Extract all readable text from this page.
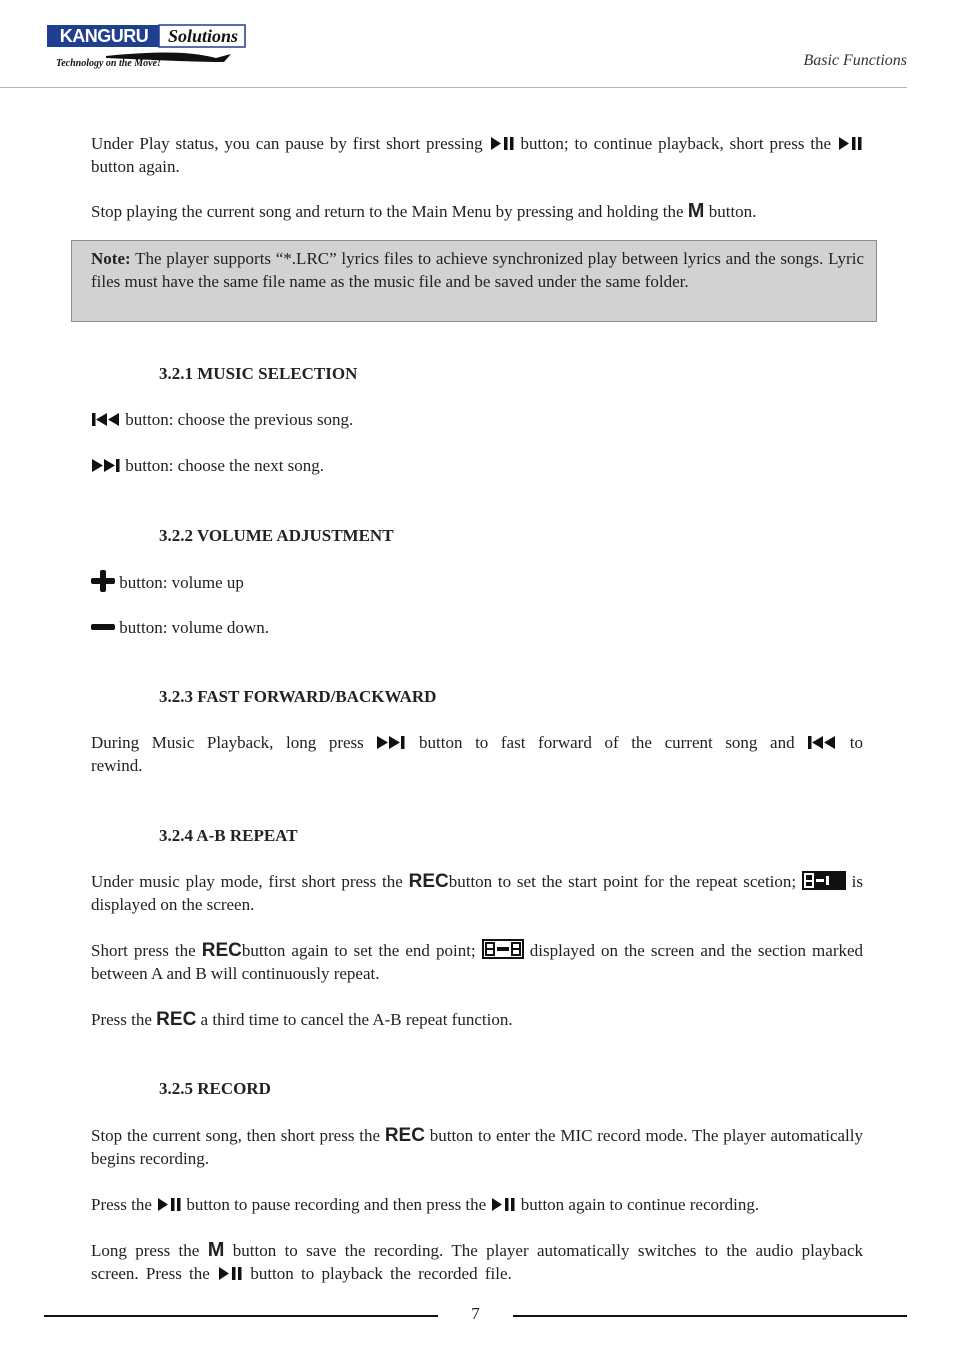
KANGURU	Solutions
Technology on the Move!	Basic Functions

Under Play status, you can pause by first short pressing button; to continue playback, short press the  button again.

Stop playing the current song and return to the Main Menu by pressing and holding the M button.

Note: The player supports “*.LRC” lyrics files to achieve synchronized play between lyrics and the songs. Lyric files must have the same file name as the music file and be saved under the same folder.
3.2.1 MUSIC SELECTION

button: choose the previous song.

button: choose the next song.

3.2.2 VOLUME ADJUSTMENT

button: volume up

button: volume down.

3.2.3 FAST FORWARD/BACKWARD

During Music Playback, long press	button to fast forward of the current song and	to rewind.

3.2.4 A-B REPEAT

Under music play mode, first short press the RECbutton to set the start point for the repeat scetion;	is displayed on the screen.

Short press the RECbutton again to set the end point;	displayed on the screen and the section marked between A and B will continuously repeat.

Press the REC a third time to cancel the A-B repeat function.

3.2.5 RECORD

Stop the current song, then short press the REC button to enter the MIC record mode. The player automatically begins recording.

Press the button to pause recording and then press the button again to continue recording.

Long press the M button to save the recording. The player automatically switches to the audio playback screen. Press the button to playback the recorded file.

7
